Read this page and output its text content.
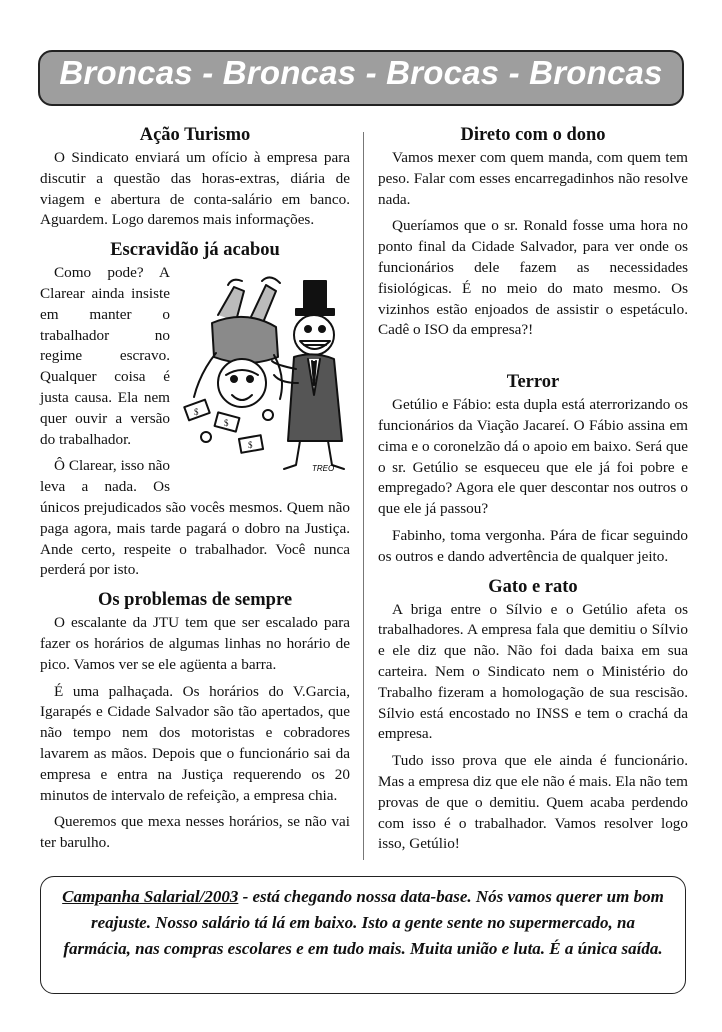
Broncas - Broncas - Brocas - Broncas
Ação Turismo

O Sindicato enviará um ofício à empresa para discutir a questão das horas-extras, diária de viagem e abertura de conta-salário em banco. Aguardem. Logo daremos mais informações.

Escravidão já acabou
$
$
$
TREO

Como pode? A Clarear ainda insiste em manter o trabalhador no regime escravo. Qualquer coisa é justa causa. Ela nem quer ouvir a versão do trabalhador.

Ô Clarear, isso não leva a nada. Os únicos prejudicados são vocês mesmos. Quem não paga agora, mais tarde pagará o dobro na Justiça. Ande certo, respeite o trabalhador. Você nunca perderá por isto.

Os problemas de sempre

O escalante da JTU tem que ser escalado para fazer os horários de algumas linhas no horário de pico. Vamos ver se ele agüenta a barra.

É uma palhaçada. Os horários do V.Garcia, Igarapés e Cidade Salvador são tão apertados, que não tempo nem dos motoristas e cobradores lavarem as mãos. Depois que o funcionário sai da empresa e entra na Justiça requerendo os 20 minutos de intervalo de refeição, a empresa chia.

Queremos que mexa nesses horários, se não vai ter barulho.

Direto com o dono

Vamos mexer com quem manda, com quem tem peso. Falar com esses encarregadinhos não resolve nada.

Queríamos que o sr. Ronald fosse uma hora no ponto final da Cidade Salvador, para ver onde os funcionários dele fazem as necessidades fisiológicas. É no meio do mato mesmo. Os vizinhos estão enjoados de assistir o espetáculo. Cadê o ISO da empresa?!

Terror

Getúlio e Fábio: esta dupla está aterrorizando os funcionários da Viação Jacareí. O Fábio assina em cima e o coronelzão dá o apoio em baixo. Será que o sr. Getúlio se esqueceu que ele já foi pobre e empregado? Agora ele quer descontar nos outros o que ele já passou?

Fabinho, toma vergonha. Pára de ficar seguindo os outros e dando advertência de qualquer jeito.

Gato e rato

A briga entre o Sílvio e o Getúlio afeta os trabalhadores. A empresa fala que demitiu o Sílvio e ele diz que não. Não foi dada baixa em sua carteira. Nem o Sindicato nem o Ministério do Trabalho fizeram a homologação de sua rescisão. Sílvio está encostado no INSS e tem o crachá da empresa.

Tudo isso prova que ele ainda é funcionário. Mas a empresa diz que ele não é mais. Ela não tem provas de que o demitiu. Quem acaba perdendo com isso é o trabalhador. Vamos resolver logo isso, Getúlio!

Campanha Salarial/2003 - está chegando nossa data-base. Nós vamos querer um bom reajuste. Nosso salário tá lá em baixo. Isto a gente sente no supermercado, na farmácia, nas compras escolares e em tudo mais. Muita união e luta. É a única saída.
